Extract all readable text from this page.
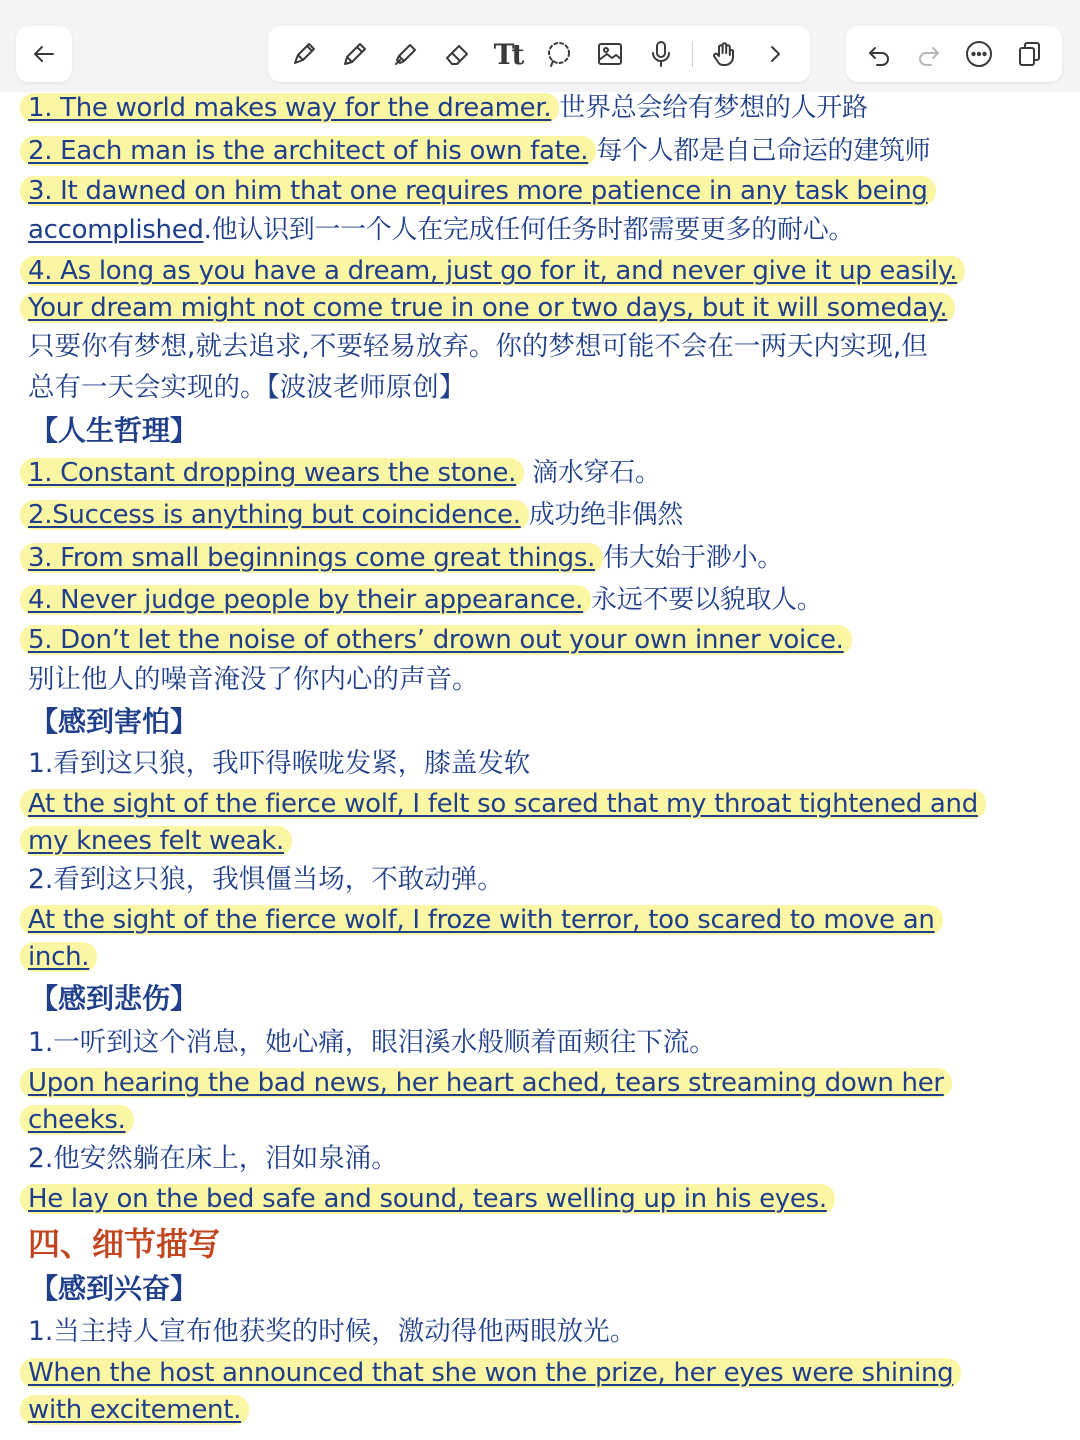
Tt
1. The world makes way for the dreamer. 世界总会给有梦想的人开路
2. Each man is the architect of his own fate. 每个人都是自己命运的建筑师
3. It dawned on him that one requires more patience in any task being
accomplished.他认识到一一个人在完成任何任务时都需要更多的耐心。
4. As long as you have a dream, just go for it, and never give it up easily.
Your dream might not come true in one or two days, but it will someday.
只要你有梦想,就去追求,不要轻易放弃。你的梦想可能不会在一两天内实现,但
总有一天会实现的。【波波老师原创】
【人生哲理】
1. Constant dropping wears the stone. 滴水穿石。
2.Success is anything but coincidence. 成功绝非偶然
3. From small beginnings come great things. 伟大始于渺小。
4. Never judge people by their appearance. 永远不要以貌取人。
5. Don’t let the noise of others’ drown out your own inner voice.
别让他人的噪音淹没了你内心的声音。
【感到害怕】
1.看到这只狼，我吓得喉咙发紧，膝盖发软
At the sight of the fierce wolf, I felt so scared that my throat tightened and
my knees felt weak.
2.看到这只狼，我惧僵当场，不敢动弹。
At the sight of the fierce wolf, I froze with terror, too scared to move an
inch.
【感到悲伤】
1.一听到这个消息，她心痛，眼泪溪水般顺着面颊往下流。
Upon hearing the bad news, her heart ached, tears streaming down her
cheeks.
2.他安然躺在床上，泪如泉涌。
He lay on the bed safe and sound, tears welling up in his eyes.
四、细节描写
【感到兴奋】
1.当主持人宣布他获奖的时候，激动得他两眼放光。
When the host announced that she won the prize, her eyes were shining
with excitement.
